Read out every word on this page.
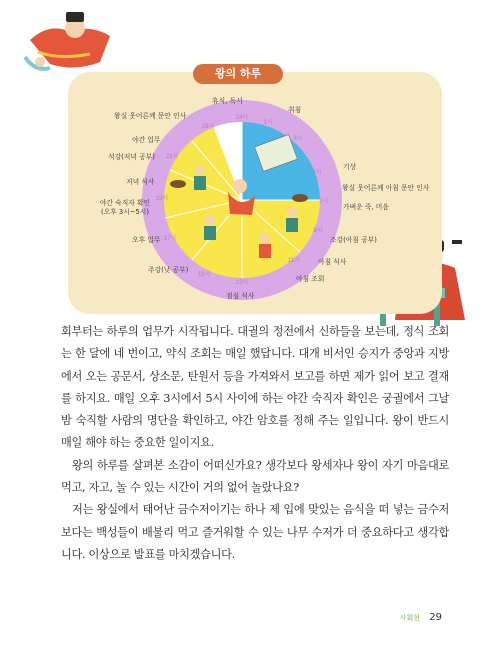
왕의 하루
24시
1시
3시
5시
7시
9시
11시
13시
15시
17시
19시
21시
23시
휴식, 독서
왕실 웃어른께 문안 인사
야간 업무
석강(저녁 공부)
저녁 식사
야간 숙직자 확인
(오후 3시~5시)
오후 업무
주강(낮 공부)
점심 식사
아침 조회
아침 식사
조강(아침 공부)
가벼운 죽, 미음
왕실 웃어른께 아침 문안 인사
기상
취침

회부터는 하루의 업무가 시작됩니다. 대궐의 정전에서 신하들을 보는데, 정식 조회는 한 달에 네 번이고, 약식 조회는 매일 했답니다. 대개 비서인 승지가 중앙과 지방에서 오는 공문서, 상소문, 탄원서 등을 가져와서 보고를 하면 제가 읽어 보고 결재를 하지요. 매일 오후 3시에서 5시 사이에 하는 야간 숙직자 확인은 궁궐에서 그날 밤 숙직할 사람의 명단을 확인하고, 야간 암호를 정해 주는 일입니다. 왕이 반드시 매일 해야 하는 중요한 일이지요.

왕의 하루를 살펴본 소감이 어떠신가요? 생각보다 왕세자나 왕이 자기 마음대로 먹고, 자고, 놀 수 있는 시간이 거의 없어 놀랐나요?

저는 왕실에서 태어난 금수저이기는 하나 제 입에 맞있는 음식을 떠 넣는 금수저보다는 백성들이 배불리 먹고 즐거워할 수 있는 나무 수저가 더 중요하다고 생각합니다. 이상으로 발표를 마치겠습니다.

사회현 29
